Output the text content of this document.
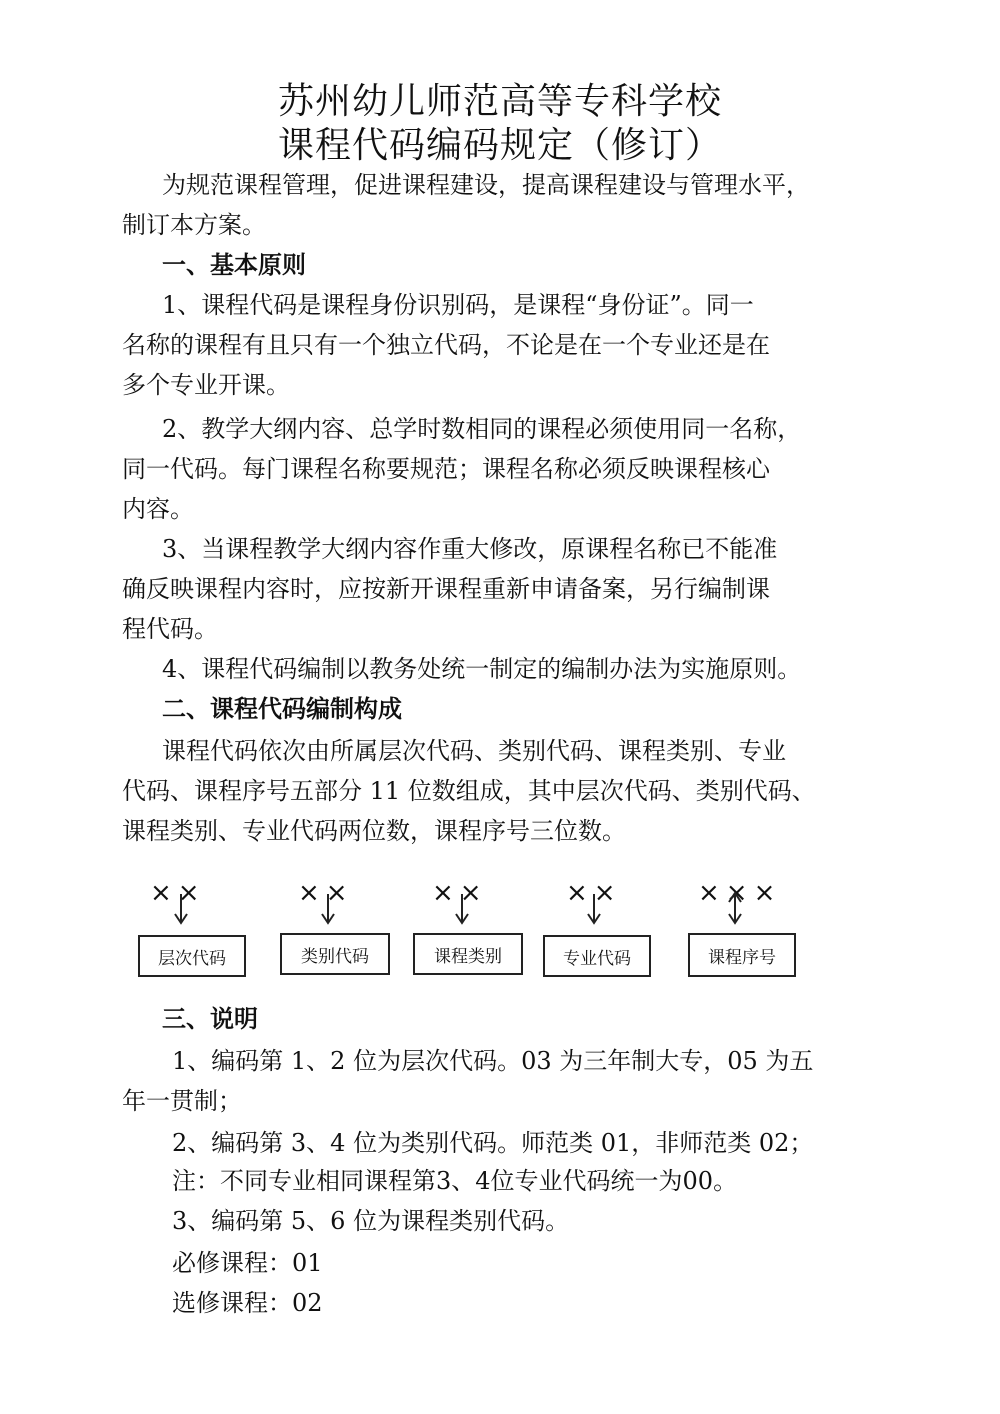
苏州幼儿师范高等专科学校
课程代码编码规定（修订）
为规范课程管理，促进课程建设，提高课程建设与管理水平，
制订本方案。
一、基本原则
1、课程代码是课程身份识别码，是课程“身份证”。同一
名称的课程有且只有一个独立代码，不论是在一个专业还是在
多个专业开课。
2、教学大纲内容、总学时数相同的课程必须使用同一名称，
同一代码。每门课程名称要规范；课程名称必须反映课程核心
内容。
3、当课程教学大纲内容作重大修改，原课程名称已不能准
确反映课程内容时，应按新开课程重新申请备案，另行编制课
程代码。
4、课程代码编制以教务处统一制定的编制办法为实施原则。
二、课程代码编制构成
课程代码依次由所属层次代码、类别代码、课程类别、专业
代码、课程序号五部分 11 位数组成，其中层次代码、类别代码、
课程类别、专业代码两位数，课程序号三位数。
××	××	××	××	×××
层次代码	类别代码	课程类别	专业代码	课程序号
三、说明
1、编码第 1、2 位为层次代码。03 为三年制大专，05 为五
年一贯制；
2、编码第 3、4 位为类别代码。师范类 01，非师范类 02；
注：不同专业相同课程第3、4位专业代码统一为00。
3、编码第 5、6 位为课程类别代码。
必修课程：01
选修课程：02
